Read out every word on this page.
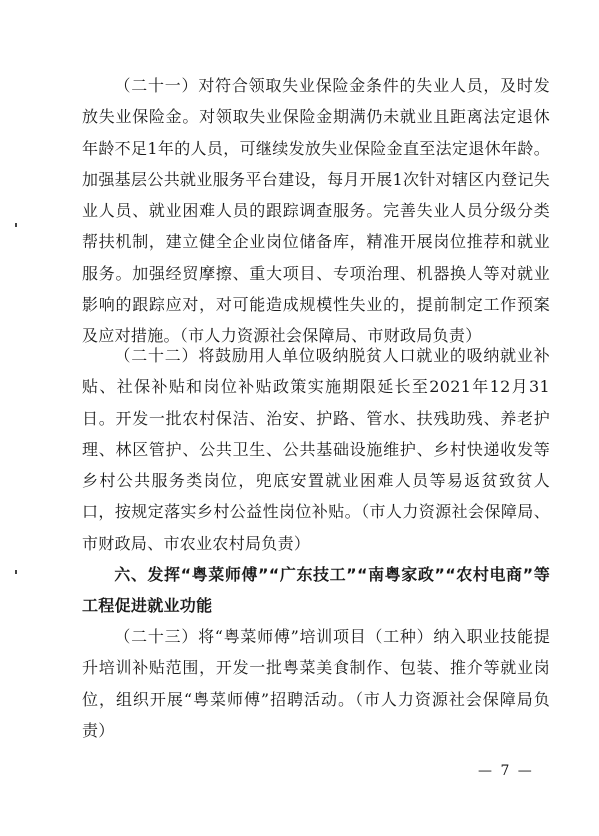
（二十一）对符合领取失业保险金条件的失业人员，及时发放失业保险金。对领取失业保险金期满仍未就业且距离法定退休年龄不足1年的人员，可继续发放失业保险金直至法定退休年龄。加强基层公共就业服务平台建设，每月开展1次针对辖区内登记失业人员、就业困难人员的跟踪调查服务。完善失业人员分级分类帮扶机制，建立健全企业岗位储备库，精准开展岗位推荐和就业服务。加强经贸摩擦、重大项目、专项治理、机器换人等对就业影响的跟踪应对，对可能造成规模性失业的，提前制定工作预案及应对措施。（市人力资源社会保障局、市财政局负责）

（二十二）将鼓励用人单位吸纳脱贫人口就业的吸纳就业补贴、社保补贴和岗位补贴政策实施期限延长至2021年12月31日。开发一批农村保洁、治安、护路、管水、扶残助残、养老护理、林区管护、公共卫生、公共基础设施维护、乡村快递收发等乡村公共服务类岗位，兜底安置就业困难人员等易返贫致贫人口，按规定落实乡村公益性岗位补贴。（市人力资源社会保障局、市财政局、市农业农村局负责）

六、发挥“粤菜师傅”“广东技工”“南粤家政”“农村电商”等工程促进就业功能

（二十三）将“粤菜师傅”培训项目（工种）纳入职业技能提升培训补贴范围，开发一批粤菜美食制作、包装、推介等就业岗位，组织开展“粤菜师傅”招聘活动。（市人力资源社会保障局负责）

— 7 —
